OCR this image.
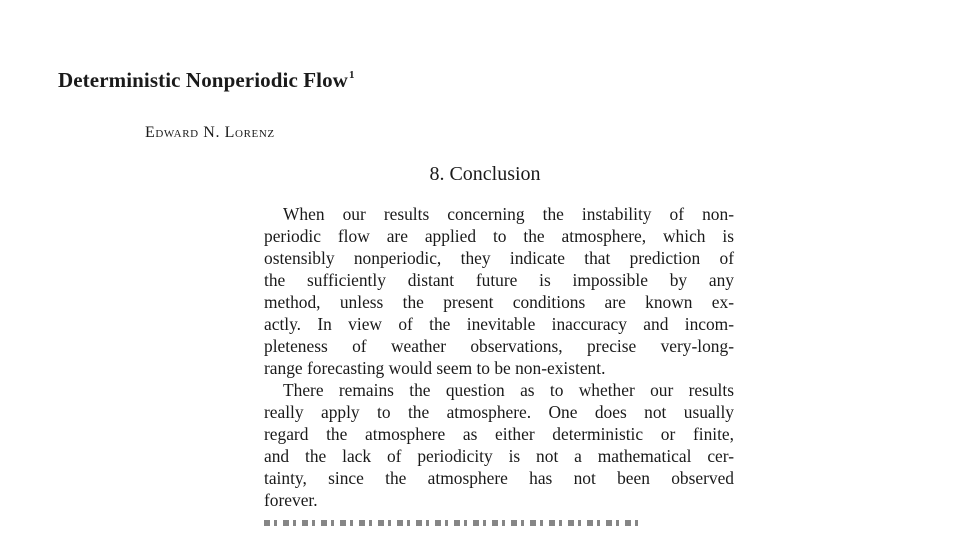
Deterministic Nonperiodic Flow$^1$

Edward N. Lorenz

8. Conclusion
When our results concerning the instability of non-
periodic flow are applied to the atmosphere, which is
ostensibly nonperiodic, they indicate that prediction of
the sufficiently distant future is impossible by any
method, unless the present conditions are known ex-
actly. In view of the inevitable inaccuracy and incom-
pleteness of weather observations, precise very-long-
range forecasting would seem to be non-existent.
There remains the question as to whether our results
really apply to the atmosphere. One does not usually
regard the atmosphere as either deterministic or finite,
and the lack of periodicity is not a mathematical cer-
tainty, since the atmosphere has not been observed
forever.
